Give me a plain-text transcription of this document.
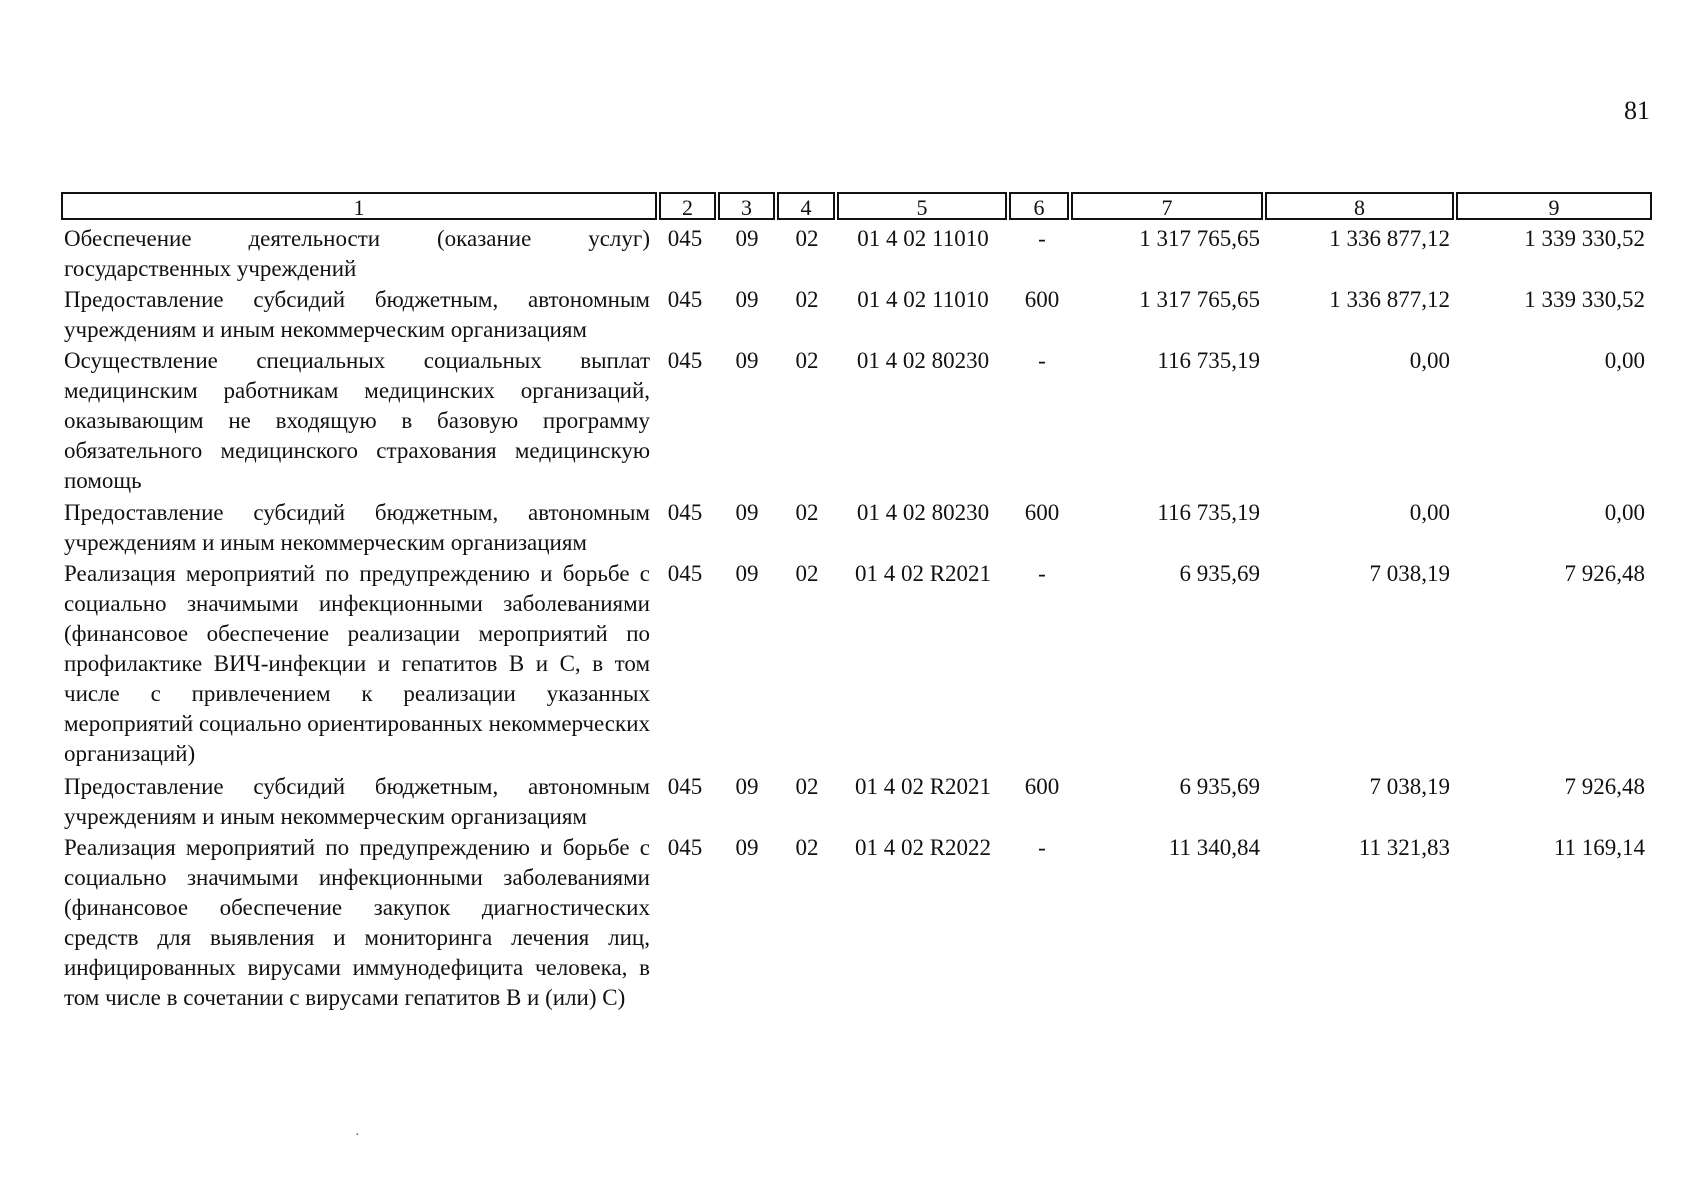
81
1	2	3	4	5	6	7	8	9
Обеспечение деятельности (оказание услуг) государственных учреждений
045	09	02	01 4 02 11010	-	1 317 765,65	1 336 877,12	1 339 330,52
Предоставление субсидий бюджетным, автономным учреждениям и иным некоммерческим организациям
045	09	02	01 4 02 11010	600	1 317 765,65	1 336 877,12	1 339 330,52
Осуществление специальных социальных выплат медицинским работникам медицинских организаций, оказывающим не входящую в базовую программу обязательного медицинского страхования медицинскую помощь
045	09	02	01 4 02 80230	-	116 735,19	0,00	0,00
Предоставление субсидий бюджетным, автономным учреждениям и иным некоммерческим организациям
045	09	02	01 4 02 80230	600	116 735,19	0,00	0,00
Реализация мероприятий по предупреждению и борьбе с социально значимыми инфекционными заболеваниями (финансовое обеспечение реализации мероприятий по профилактике ВИЧ-инфекции и гепатитов В и С, в том числе с привлечением к реализации указанных мероприятий социально ориентированных некоммерческих организаций)
045	09	02	01 4 02 R2021	-	6 935,69	7 038,19	7 926,48
Предоставление субсидий бюджетным, автономным учреждениям и иным некоммерческим организациям
045	09	02	01 4 02 R2021	600	6 935,69	7 038,19	7 926,48
Реализация мероприятий по предупреждению и борьбе с социально значимыми инфекционными заболеваниями (финансовое обеспечение закупок диагностических средств для выявления и мониторинга лечения лиц, инфицированных вирусами иммунодефицита человека, в том числе в сочетании с вирусами гепатитов В и (или) С)
045	09	02	01 4 02 R2022	-	11 340,84	11 321,83	11 169,14
·
